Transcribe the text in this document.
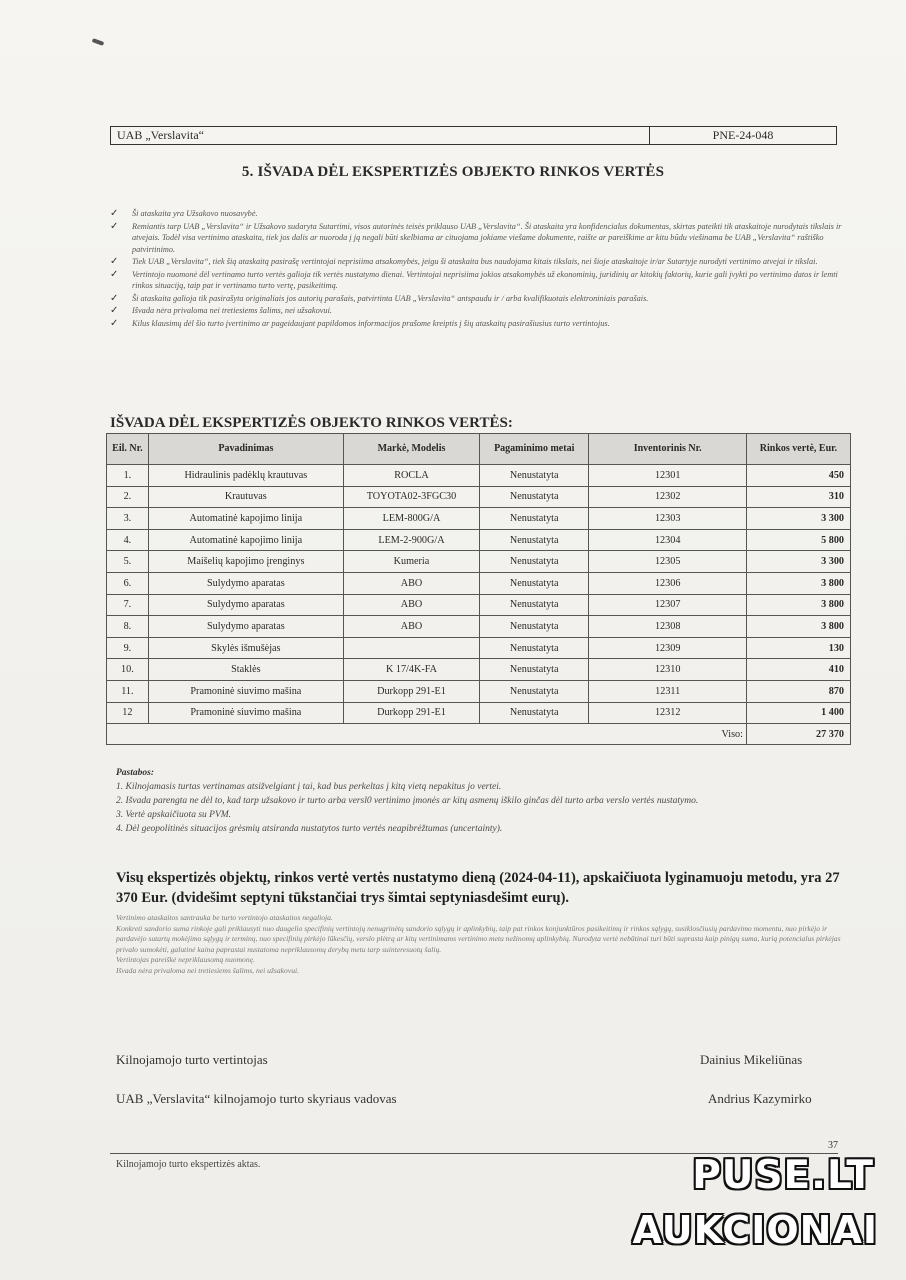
UAB „Verslavita“	PNE-24-048
5. IŠVADA DĖL EKSPERTIZĖS OBJEKTO RINKOS VERTĖS
✓ Ši ataskaita yra Užsakovo nuosavybė.
✓ Remiantis tarp UAB „Verslavita“ ir Užsakovo sudaryta Sutartimi, visos autorinės teisės priklauso UAB „Verslavita“. Ši ataskaita yra konfidencialus dokumentas, skirtas pateikti tik ataskaitoje nurodytais tikslais ir atvejais. Todėl visa vertinimo ataskaita, tiek jos dalis ar nuoroda į ją negali būti skelbiama ar cituojama jokiame viešame dokumente, raište ar pareiškime ar kitu būdu viešinama be UAB „Verslavita“ raštiško patvirtinimo.
✓ Tiek UAB „Verslavita“, tiek šią ataskaitą pasirašę vertintojai neprisiima atsakomybės, jeigu ši ataskaita bus naudojama kitais tikslais, nei šioje ataskaitoje ir/ar Sutartyje nurodyti vertinimo atvejai ir tikslai.
✓ Vertintojo nuomonė dėl vertinamo turto vertės galioja tik vertės nustatymo dienai. Vertintojai neprisiima jokios atsakomybės už ekonominių, juridinių ar kitokių faktorių, kurie gali įvykti po vertinimo datos ir lemti rinkos situaciją, taip pat ir vertinamo turto vertę, pasikeitimą.
✓ Ši ataskaita galioja tik pasirašyta originaliais jos autorių parašais, patvirtinta UAB „Verslavita“ antspaudu ir / arba kvalifikuotais elektroniniais parašais.
✓ Išvada nėra privaloma nei tretiesiems šalims, nei užsakovui.
✓ Kilus klausimų dėl šio turto įvertinimo ar pageidaujant papildomos informacijos prašome kreiptis į šių ataskaitų pasirašiusius turto vertintojus.
IŠVADA DĖL EKSPERTIZĖS OBJEKTO RINKOS VERTĖS:
Eil. Nr.	Pavadinimas	Markė, Modelis	Pagaminimo metai	Inventorinis Nr.	Rinkos vertė, Eur.
1.	Hidraulinis padėklų krautuvas	ROCLA	Nenustatyta	12301	450
2.	Krautuvas	TOYOTA02-3FGC30	Nenustatyta	12302	310
3.	Automatinė kapojimo linija	LEM-800G/A	Nenustatyta	12303	3 300
4.	Automatinė kapojimo linija	LEM-2-900G/A	Nenustatyta	12304	5 800
5.	Maišelių kapojimo įrenginys	Kumeria	Nenustatyta	12305	3 300
6.	Sulydymo aparatas	ABO	Nenustatyta	12306	3 800
7.	Sulydymo aparatas	ABO	Nenustatyta	12307	3 800
8.	Sulydymo aparatas	ABO	Nenustatyta	12308	3 800
9.	Skylės išmušėjas		Nenustatyta	12309	130
10.	Staklės	K 17/4K-FA	Nenustatyta	12310	410
11.	Pramoninė siuvimo mašina	Durkopp 291-E1	Nenustatyta	12311	870
12	Pramoninė siuvimo mašina	Durkopp 291-E1	Nenustatyta	12312	1 400
				Viso:	27 370
Pastabos:
1. Kilnojamasis turtas vertinamas atsižvelgiant į tai, kad bus perkeltas į kitą vietą nepakitus jo vertei.
2. Išvada parengta ne dėl to, kad tarp užsakovo ir turto arba versl0 vertinimo įmonės ar kitų asmenų iškilo ginčas dėl turto arba verslo vertės nustatymo.
3. Vertė apskaičiuota su PVM.
4. Dėl geopolitinės situacijos grėsmių atsiranda nustatytos turto vertės neapibrėžtumas (uncertainty).
Visų ekspertizės objektų, rinkos vertė vertės nustatymo dieną (2024-04-11), apskaičiuota lyginamuoju metodu, yra 27 370 Eur. (dvidešimt septyni tūkstančiai trys šimtai septyniasdešimt eurų).
Vertinimo ataskaitos santrauka be turto vertintojo ataskaitos negalioja.
Konkreti sandorio suma rinkoje gali priklausyti nuo daugelio specifinių vertintojų nenugrinėtų sandorio sąlygų ir aplinkybių, taip pat rinkos konjunktūros pasikeitimų ir rinkos sąlygų, susiklosčiusių pardavimo momentu, nuo pirkėjo ir pardavėjo sutartų mokėjimo sąlygų ir terminų, nuo specifinių pirkėjo lūkesčių, verslo plėtrą ar kitų vertinimams vertinimo metu nežinomų aplinkybių. Nurodyta vertė nebūtinai turi būti suprasta kaip pinigų suma, kurią potencialus pirkėjas privalo sumokėti, galutinė kaina paprastai nustatoma nepriklausomų derybų metu tarp suinteresuotų šalių.
Vertintojas pareiškė nepriklausomą nuomonę.
Išvada nėra privaloma nei tretiesiems šalims, nei užsakovui.
Kilnojamojo turto vertintojas	Dainius Mikeliūnas
UAB „Verslavita“ kilnojamojo turto skyriaus vadovas	Andrius Kazymirko
37
Kilnojamojo turto ekspertizės aktas.	PUSE.LT
AUKCIONAI
